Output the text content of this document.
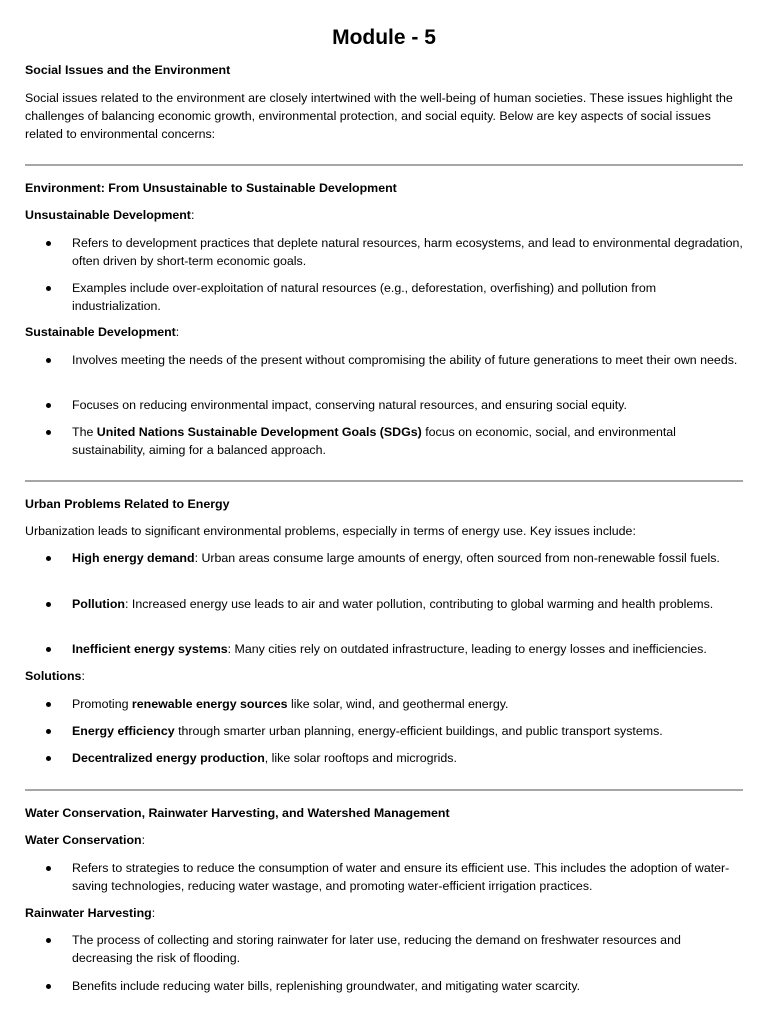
Module - 5
Social Issues and the Environment
Social issues related to the environment are closely intertwined with the well-being of human societies. These issues highlight the challenges of balancing economic growth, environmental protection, and social equity. Below are key aspects of social issues related to environmental concerns:
Environment: From Unsustainable to Sustainable Development
Unsustainable Development:
Refers to development practices that deplete natural resources, harm ecosystems, and lead to environmental degradation, often driven by short-term economic goals.
Examples include over-exploitation of natural resources (e.g., deforestation, overfishing) and pollution from industrialization.
Sustainable Development:
Involves meeting the needs of the present without compromising the ability of future generations to meet their own needs.
Focuses on reducing environmental impact, conserving natural resources, and ensuring social equity.
The United Nations Sustainable Development Goals (SDGs) focus on economic, social, and environmental sustainability, aiming for a balanced approach.
Urban Problems Related to Energy
Urbanization leads to significant environmental problems, especially in terms of energy use. Key issues include:
High energy demand: Urban areas consume large amounts of energy, often sourced from non-renewable fossil fuels.
Pollution: Increased energy use leads to air and water pollution, contributing to global warming and health problems.
Inefficient energy systems: Many cities rely on outdated infrastructure, leading to energy losses and inefficiencies.
Solutions:
Promoting renewable energy sources like solar, wind, and geothermal energy.
Energy efficiency through smarter urban planning, energy-efficient buildings, and public transport systems.
Decentralized energy production, like solar rooftops and microgrids.
Water Conservation, Rainwater Harvesting, and Watershed Management
Water Conservation:
Refers to strategies to reduce the consumption of water and ensure its efficient use. This includes the adoption of water-saving technologies, reducing water wastage, and promoting water-efficient irrigation practices.
Rainwater Harvesting:
The process of collecting and storing rainwater for later use, reducing the demand on freshwater resources and decreasing the risk of flooding.
Benefits include reducing water bills, replenishing groundwater, and mitigating water scarcity.
